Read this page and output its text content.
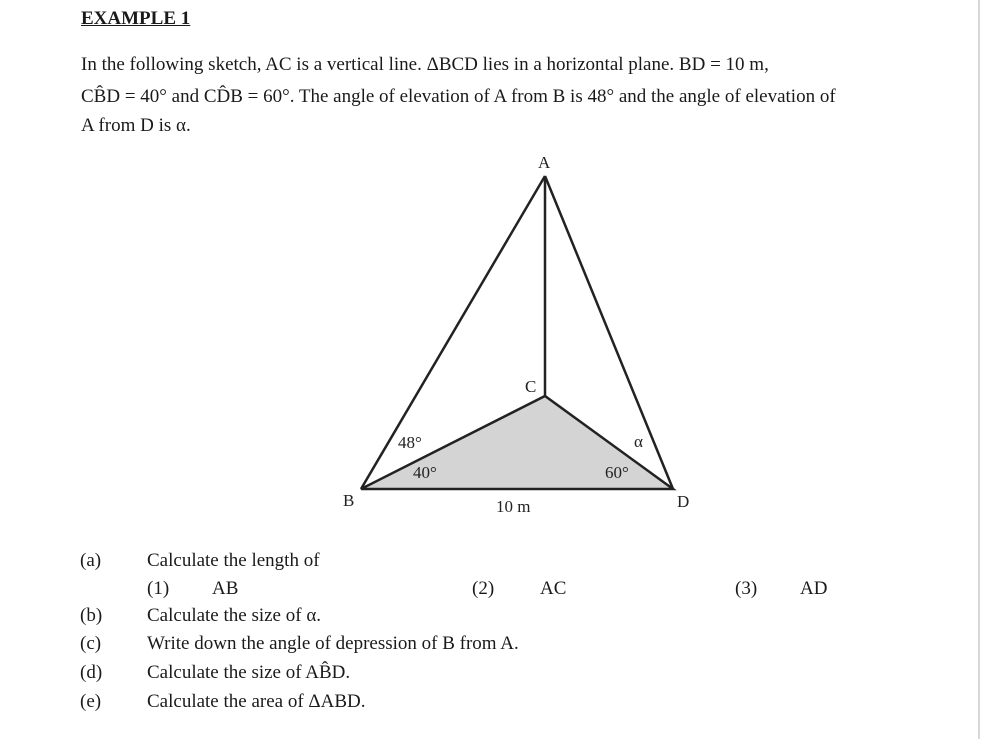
EXAMPLE 1
In the following sketch, AC is a vertical line. ΔBCD lies in a horizontal plane. BD = 10 m,
CB̂D = 40° and CD̂B = 60°. The angle of elevation of A from B is 48° and the angle of elevation of
A from D is α.
A
C
B	D
48°
40°	60°
α
10 m
(a) Calculate the length of
(1) AB	(2) AC	(3) AD
(b) Calculate the size of α.
(c) Write down the angle of depression of B from A.
(d) Calculate the size of AB̂D.
(e) Calculate the area of ΔABD.
